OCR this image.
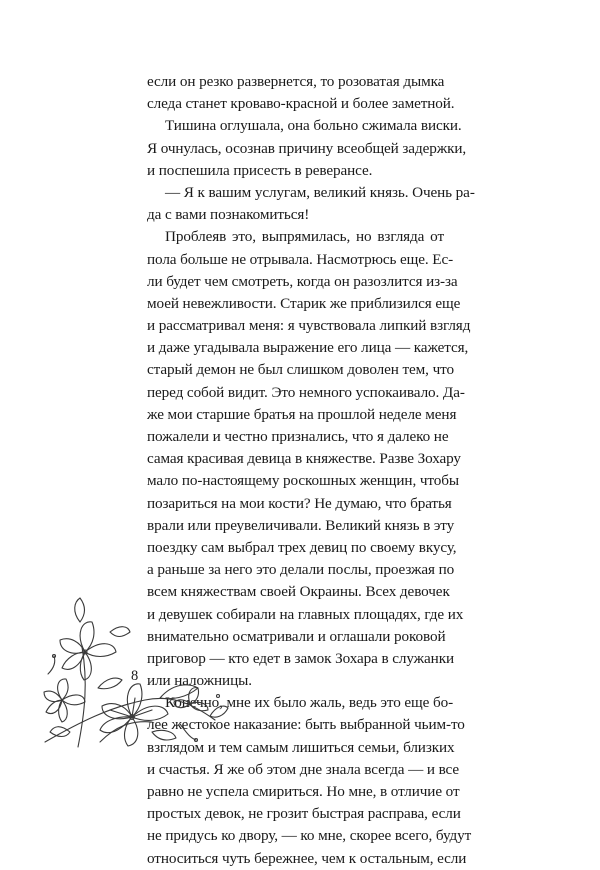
если он резко развернется, то розоватая дымка
следа станет кроваво-красной и более заметной.
Тишина оглушала, она больно сжимала виски.
Я очнулась, осознав причину всеобщей задержки,
и поспешила присесть в реверансе.
— Я к вашим услугам, великий князь. Очень ра-
да с вами познакомиться!
Проблеяв это, выпрямилась, но взгляда от
пола больше не отрывала. Насмотрюсь еще. Ес-
ли будет чем смотреть, когда он разозлится из-за
моей невежливости. Старик же приблизился еще
и рассматривал меня: я чувствовала липкий взгляд
и даже угадывала выражение его лица — кажется,
старый демон не был слишком доволен тем, что
перед собой видит. Это немного успокаивало. Да-
же мои старшие братья на прошлой неделе меня
пожалели и честно признались, что я далеко не
самая красивая девица в княжестве. Разве Зохару
мало по-настоящему роскошных женщин, чтобы
позариться на мои кости? Не думаю, что братья
врали или преувеличивали. Великий князь в эту
поездку сам выбрал трех девиц по своему вкусу,
а раньше за него это делали послы, проезжая по
всем княжествам своей Окраины. Всех девочек
и девушек собирали на главных площадях, где их
внимательно осматривали и оглашали роковой
приговор — кто едет в замок Зохара в служанки
или наложницы.
Конечно, мне их было жаль, ведь это еще бо-
лее жестокое наказание: быть выбранной чьим-то
взглядом и тем самым лишиться семьи, близких
и счастья. Я же об этом дне знала всегда — и все
равно не успела смириться. Но мне, в отличие от
простых девок, не грозит быстрая расправа, если
не придусь ко двору, — ко мне, скорее всего, будут
относиться чуть бережнее, чем к остальным, если
8
